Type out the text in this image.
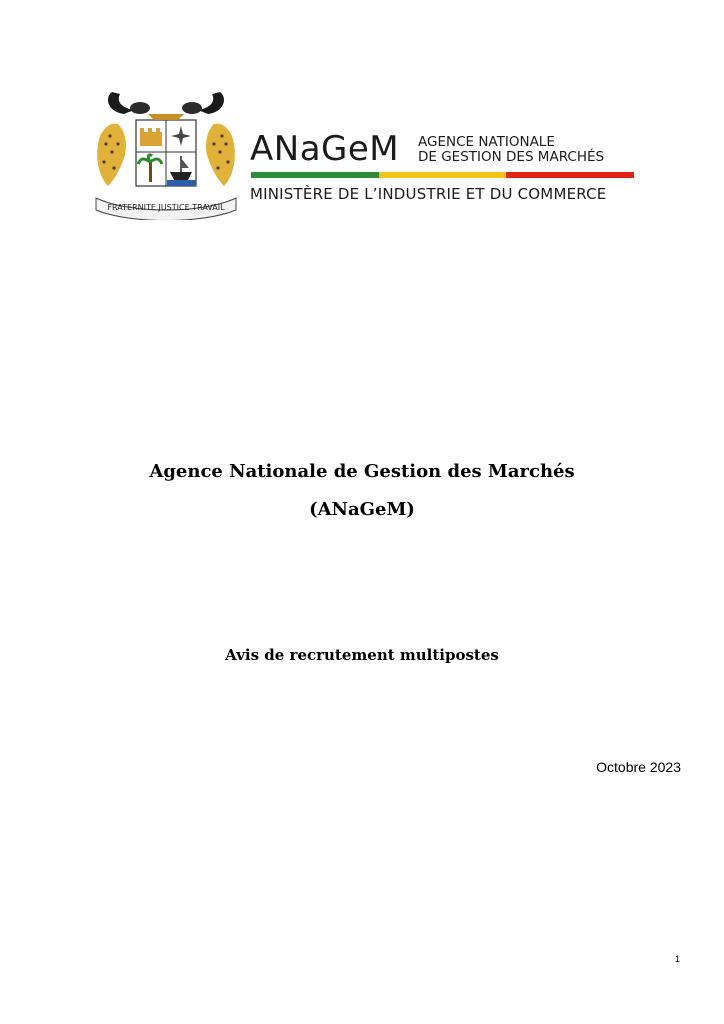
FRATERNITE JUSTICE TRAVAIL
ANaGeM AGENCE NATIONALE
DE GESTION DES MARCHÉS
MINISTÈRE DE L’INDUSTRIE ET DU COMMERCE
Agence Nationale de Gestion des Marchés
(ANaGeM)
Avis de recrutement multipostes
Octobre 2023
1
